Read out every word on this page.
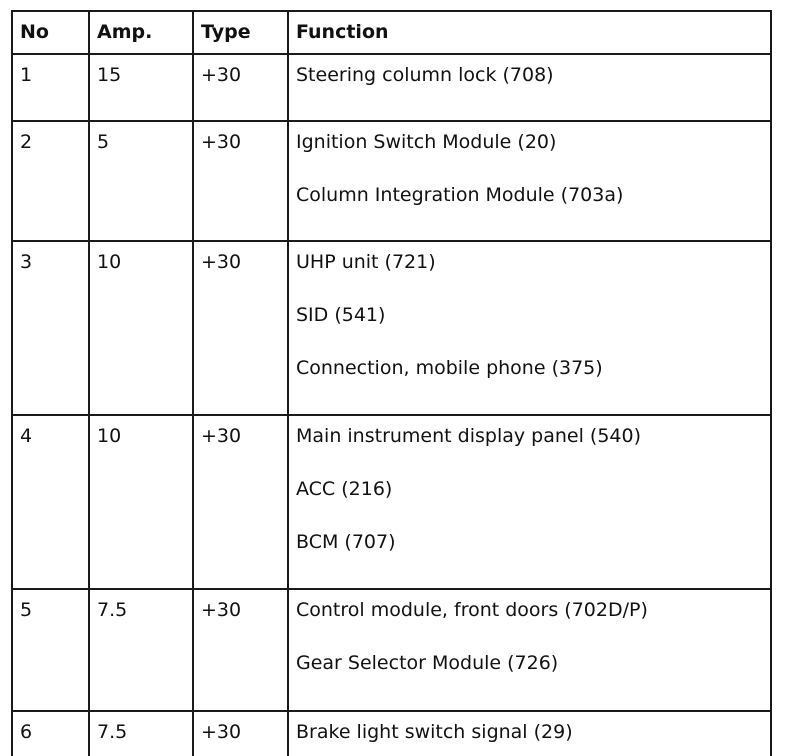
No	Amp.	Type	Function

1	15	+30	Steering column lock (708)

2	5	+30	Ignition Switch Module (20)
Column Integration Module (703a)

3	10	+30	UHP unit (721)
SID (541)
Connection, mobile phone (375)

4	10	+30	Main instrument display panel (540)
ACC (216)
BCM (707)

5	7.5	+30	Control module, front doors (702D/P)
Gear Selector Module (726)

6	7.5	+30	Brake light switch signal (29)
